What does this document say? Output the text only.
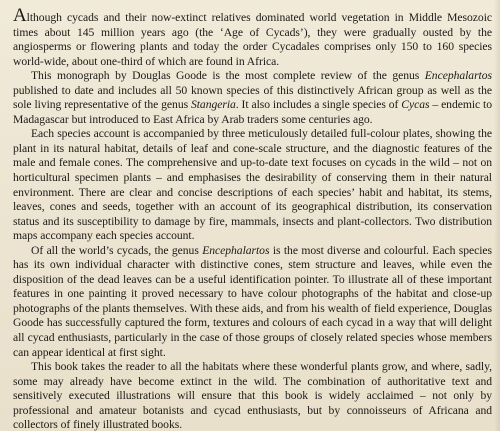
Although cycads and their now-extinct relatives dominated world vegetation in Middle Mesozoic times about 145 million years ago (the ‘Age of Cycads’), they were gradually ousted by the angiosperms or flowering plants and today the order Cycadales comprises only 150 to 160 species world-wide, about one-third of which are found in Africa.

This monograph by Douglas Goode is the most complete review of the genus Encephalartos published to date and includes all 50 known species of this distinctively African group as well as the sole living representative of the genus Stangeria. It also includes a single species of Cycas – endemic to Madagascar but introduced to East Africa by Arab traders some centuries ago.

Each species account is accompanied by three meticulously detailed full-colour plates, showing the plant in its natural habitat, details of leaf and cone-scale structure, and the diagnostic features of the male and female cones. The comprehensive and up-to-date text focuses on cycads in the wild – not on horticultural specimen plants – and emphasises the desirability of conserving them in their natural environment. There are clear and concise descriptions of each species’ habit and habitat, its stems, leaves, cones and seeds, together with an account of its geographical distribution, its conservation status and its susceptibility to damage by fire, mammals, insects and plant-collectors. Two distribution maps accompany each species account.

Of all the world’s cycads, the genus Encephalartos is the most diverse and colourful. Each species has its own individual character with distinctive cones, stem structure and leaves, while even the disposition of the dead leaves can be a useful identification pointer. To illustrate all of these important features in one painting it proved necessary to have colour photographs of the habitat and close-up photographs of the plants themselves. With these aids, and from his wealth of field experience, Douglas Goode has successfully captured the form, textures and colours of each cycad in a way that will delight all cycad enthusiasts, particularly in the case of those groups of closely related species whose members can appear identical at first sight.

This book takes the reader to all the habitats where these wonderful plants grow, and where, sadly, some may already have become extinct in the wild. The combination of authoritative text and sensitively executed illustrations will ensure that this book is widely acclaimed – not only by professional and amateur botanists and cycad enthusiasts, but by connoisseurs of Africana and collectors of finely illustrated books.
